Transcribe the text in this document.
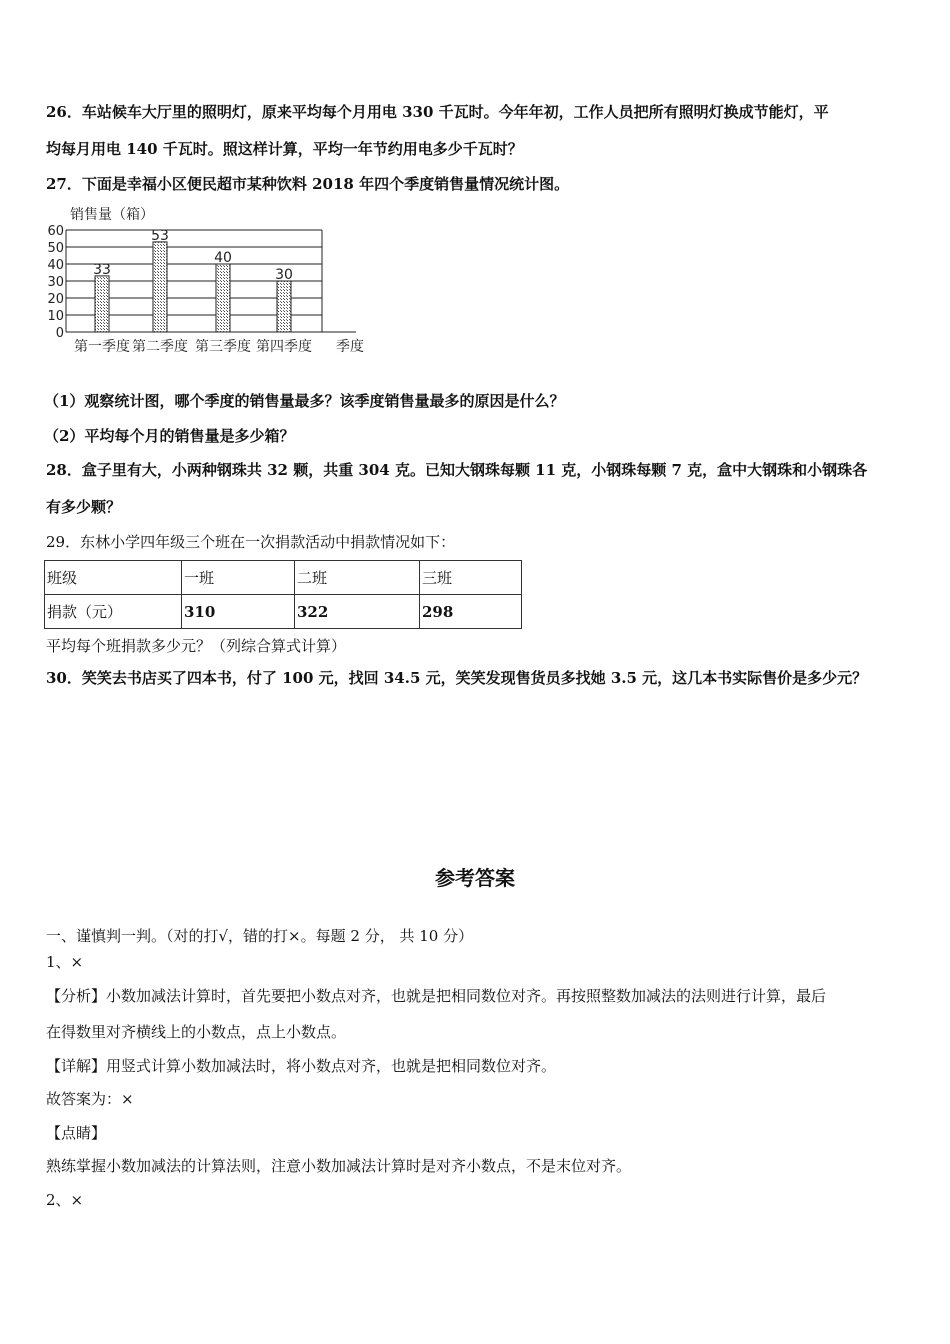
26．车站候车大厅里的照明灯，原来平均每个月用电 330 千瓦时。今年年初，工作人员把所有照明灯换成节能灯，平
均每月用电 140 千瓦时。照这样计算，平均一年节约用电多少千瓦时？
27．下面是幸福小区便民超市某种饮料 2018 年四个季度销售量情况统计图。
销售量（箱）
0
10
20
30
40
50
60
33
53
40
30
第一季度 第二季度 第三季度 第四季度 季度
（1）观察统计图，哪个季度的销售量最多？该季度销售量最多的原因是什么？
（2）平均每个月的销售量是多少箱？
28．盒子里有大，小两种钢珠共 32 颗，共重 304 克。已知大钢珠每颗 11 克，小钢珠每颗 7 克，盒中大钢珠和小钢珠各
有多少颗？
29．东林小学四年级三个班在一次捐款活动中捐款情况如下：
班级	一班	二班	三班
捐款（元）	310	322	298
平均每个班捐款多少元？（列综合算式计算）
30．笑笑去书店买了四本书，付了 100 元，找回 34.5 元，笑笑发现售货员多找她 3.5 元，这几本书实际售价是多少元？
参考答案
一、谨慎判一判。（对的打√，错的打×。每题 2 分， 共 10 分）
1、×
【分析】小数加减法计算时，首先要把小数点对齐，也就是把相同数位对齐。再按照整数加减法的法则进行计算，最后
在得数里对齐横线上的小数点，点上小数点。
【详解】用竖式计算小数加减法时，将小数点对齐，也就是把相同数位对齐。
故答案为：×
【点睛】
熟练掌握小数加减法的计算法则，注意小数加减法计算时是对齐小数点，不是末位对齐。
2、×
